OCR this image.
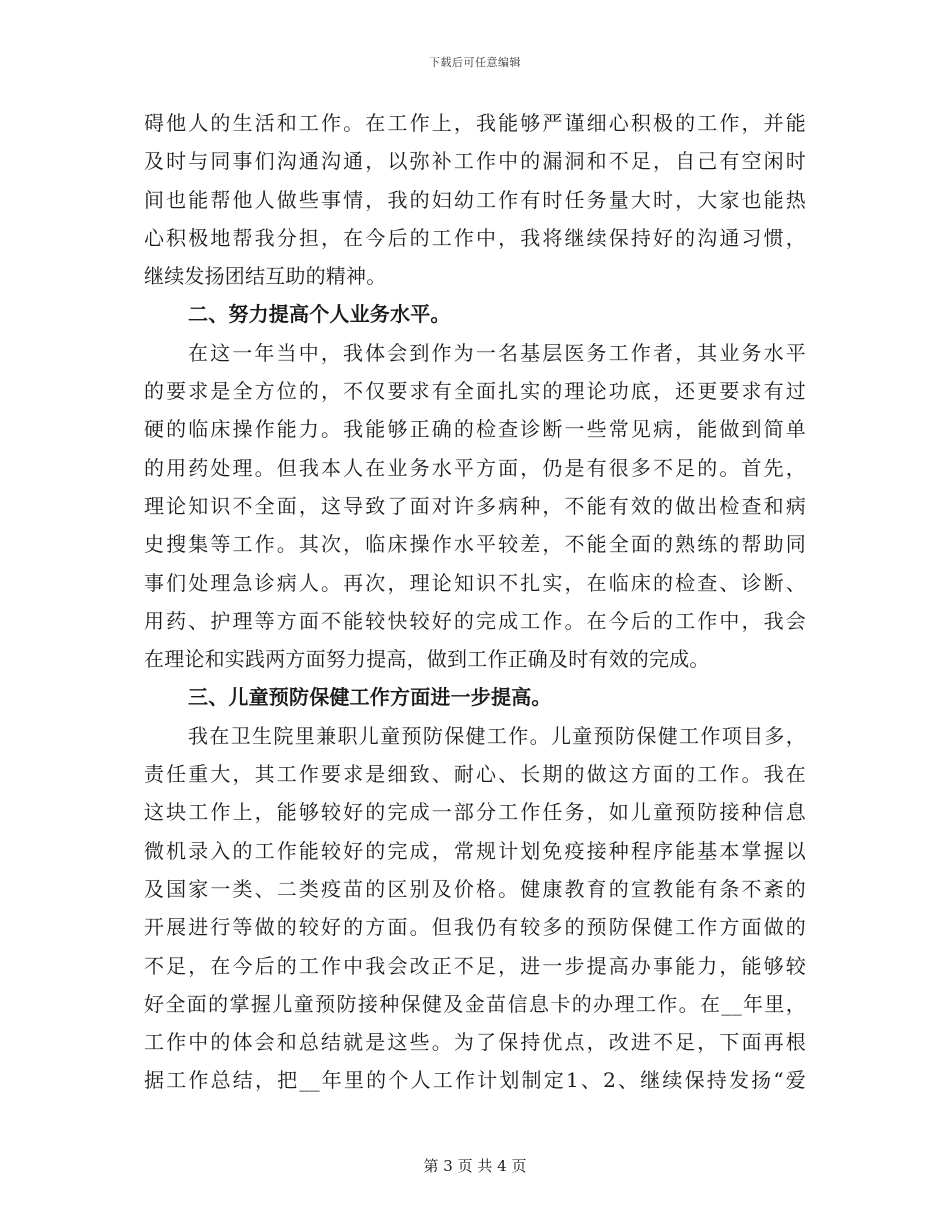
下载后可任意编辑
碍他人的生活和工作。在工作上，我能够严谨细心积极的工作，并能
及时与同事们沟通沟通，以弥补工作中的漏洞和不足，自己有空闲时
间也能帮他人做些事情，我的妇幼工作有时任务量大时，大家也能热
心积极地帮我分担，在今后的工作中，我将继续保持好的沟通习惯，
继续发扬团结互助的精神。
二、努力提高个人业务水平。
在这一年当中，我体会到作为一名基层医务工作者，其业务水平
的要求是全方位的，不仅要求有全面扎实的理论功底，还更要求有过
硬的临床操作能力。我能够正确的检查诊断一些常见病，能做到简单
的用药处理。但我本人在业务水平方面，仍是有很多不足的。首先，
理论知识不全面，这导致了面对许多病种，不能有效的做出检查和病
史搜集等工作。其次，临床操作水平较差，不能全面的熟练的帮助同
事们处理急诊病人。再次，理论知识不扎实，在临床的检查、诊断、
用药、护理等方面不能较快较好的完成工作。在今后的工作中，我会
在理论和实践两方面努力提高，做到工作正确及时有效的完成。
三、儿童预防保健工作方面进一步提高。
我在卫生院里兼职儿童预防保健工作。儿童预防保健工作项目多，
责任重大，其工作要求是细致、耐心、长期的做这方面的工作。我在
这块工作上，能够较好的完成一部分工作任务，如儿童预防接种信息
微机录入的工作能较好的完成，常规计划免疫接种程序能基本掌握以
及国家一类、二类疫苗的区别及价格。健康教育的宣教能有条不紊的
开展进行等做的较好的方面。但我仍有较多的预防保健工作方面做的
不足，在今后的工作中我会改正不足，进一步提高办事能力，能够较
好全面的掌握儿童预防接种保健及金苗信息卡的办理工作。在__年里，
工作中的体会和总结就是这些。为了保持优点，改进不足，下面再根
据工作总结，把__年里的个人工作计划制定1、2、继续保持发扬“爱
第 3 页 共 4 页
